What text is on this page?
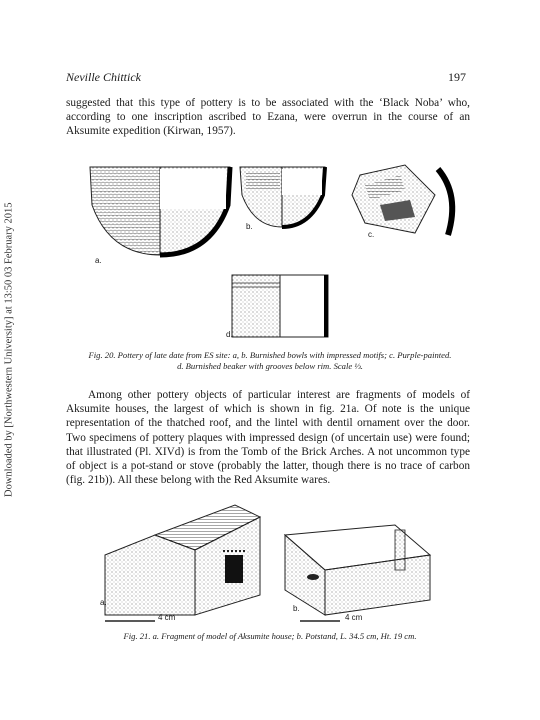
Downloaded by [Northwestern University] at 13:50 03 February 2015
Neville Chittick	197

suggested that this type of pottery is to be associated with the ‘Black Noba’ who, according to one inscription ascribed to Ezana, were overrun in the course of an Aksumite expedition (Kirwan, 1957).

a.
b.
c.
d.

Fig. 20. Pottery of late date from ES site: a, b. Burnished bowls with impressed motifs; c. Purple-painted.

d. Burnished beaker with grooves below rim. Scale ⅓.

Among other pottery objects of particular interest are fragments of models of Aksumite houses, the largest of which is shown in fig. 21a. Of note is the unique representation of the thatched roof, and the lintel with dentil ornament over the door. Two specimens of pottery plaques with impressed design (of uncertain use) were found; that illustrated (Pl. XIVd) is from the Tomb of the Brick Arches. A not uncommon type of object is a pot-stand or stove (probably the latter, though there is no trace of carbon (fig. 21b)). All these belong with the Red Aksumite wares.

a.
b.
4 cm	4 cm

Fig. 21. a. Fragment of model of Aksumite house; b. Potstand, L. 34.5 cm, Ht. 19 cm.
